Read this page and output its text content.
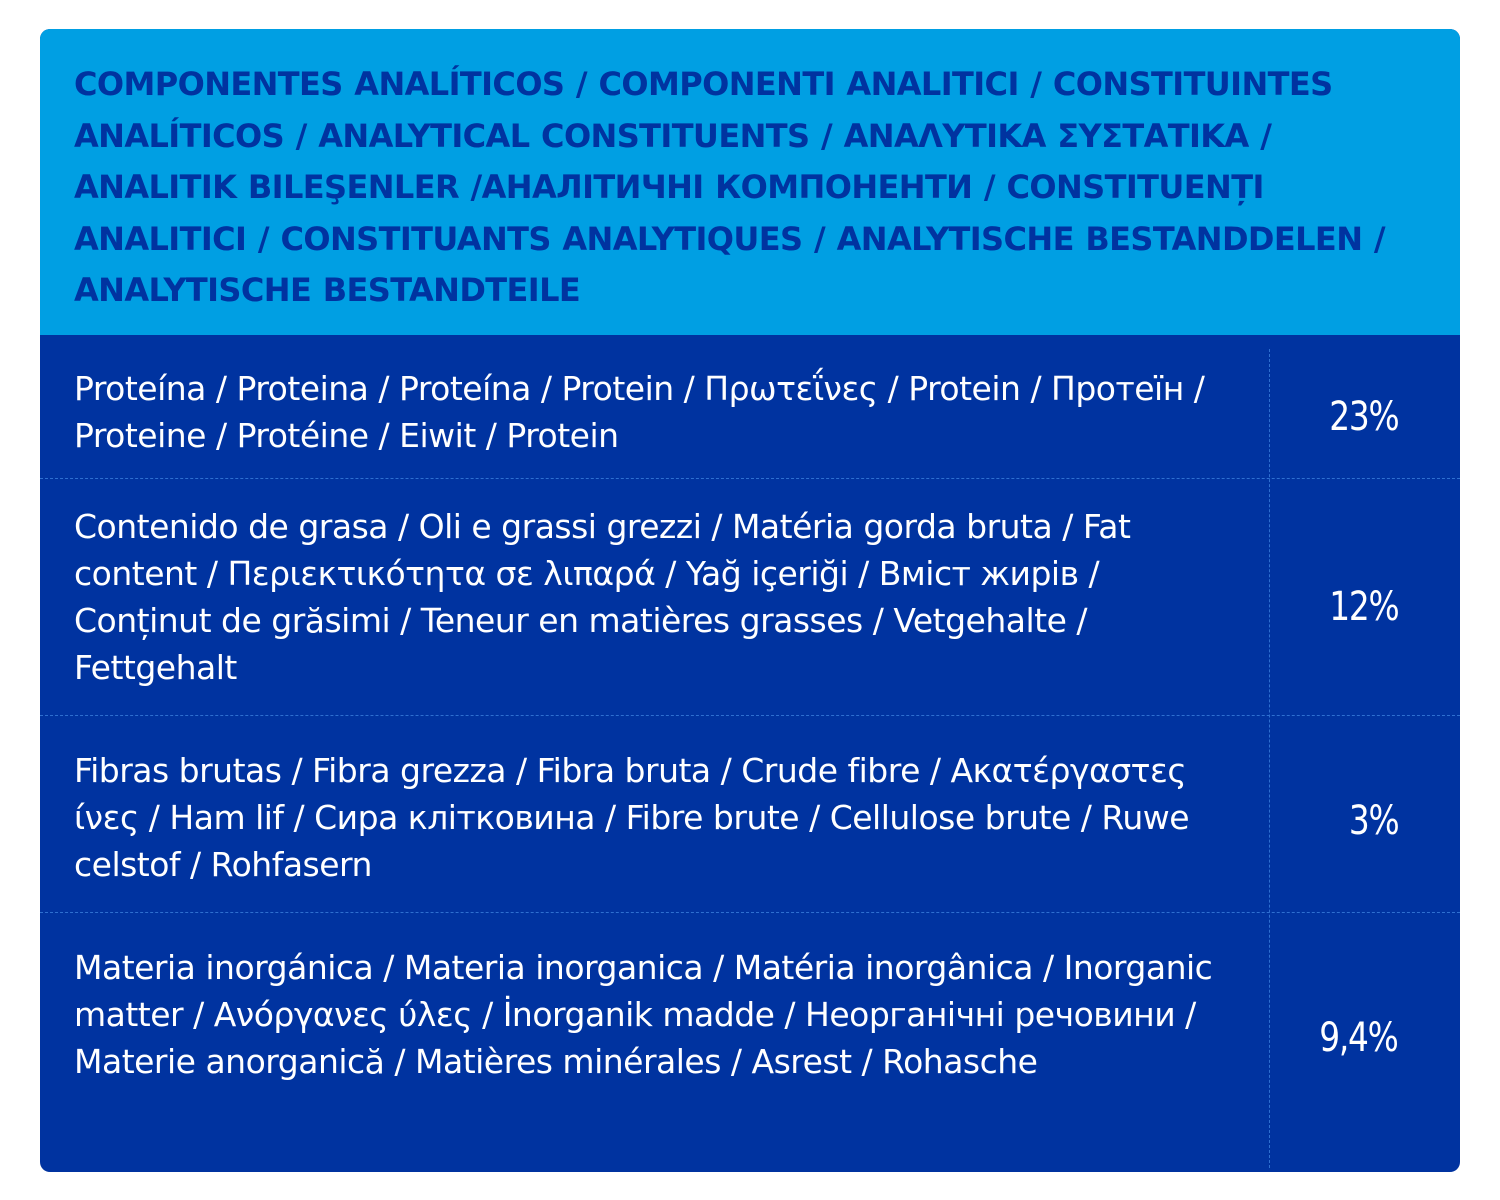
COMPONENTES ANALÍTICOS / COMPONENTI ANALITICI / CONSTITUINTES ANALÍTICOS / ANALYTICAL CONSTITUENTS / ΑΝΑΛΥΤΙΚΑ ΣΥΣΤΑΤΙΚΑ / ANALITIK BILEŞENLER /АНАЛІТИЧНІ КОМПОНЕНТИ / CONSTITUENȚI ANALITICI / CONSTITUANTS ANALYTIQUES / ANALYTISCHE BESTANDDELEN / ANALYTISCHE BESTANDTEILE

Proteína / Proteina / Proteína / Protein / Πρωτεΐνες / Protein / Протеїн / Proteine / Protéine / Eiwit / Protein	23%
Contenido de grasa / Oli e grassi grezzi / Matéria gorda bruta / Fat content / Περιεκτικότητα σε λιπαρά / Yağ içeriği / Вміст жирів / Conținut de grăsimi / Teneur en matières grasses / Vetgehalte / Fettgehalt
12%
Fibras brutas / Fibra grezza / Fibra bruta / Crude fibre / Ακατέργαστες ίνες / Ham lif / Сира клітковина / Fibre brute / Cellulose brute / Ruwe celstof / Rohfasern
3%
Materia inorgánica / Materia inorganica / Matéria inorgânica / Inorganic matter / Ανόργανες ύλες / İnorganik madde / Неорганічні речовини / Materie anorganică / Matières minérales / Asrest / Rohasche
9,4%
